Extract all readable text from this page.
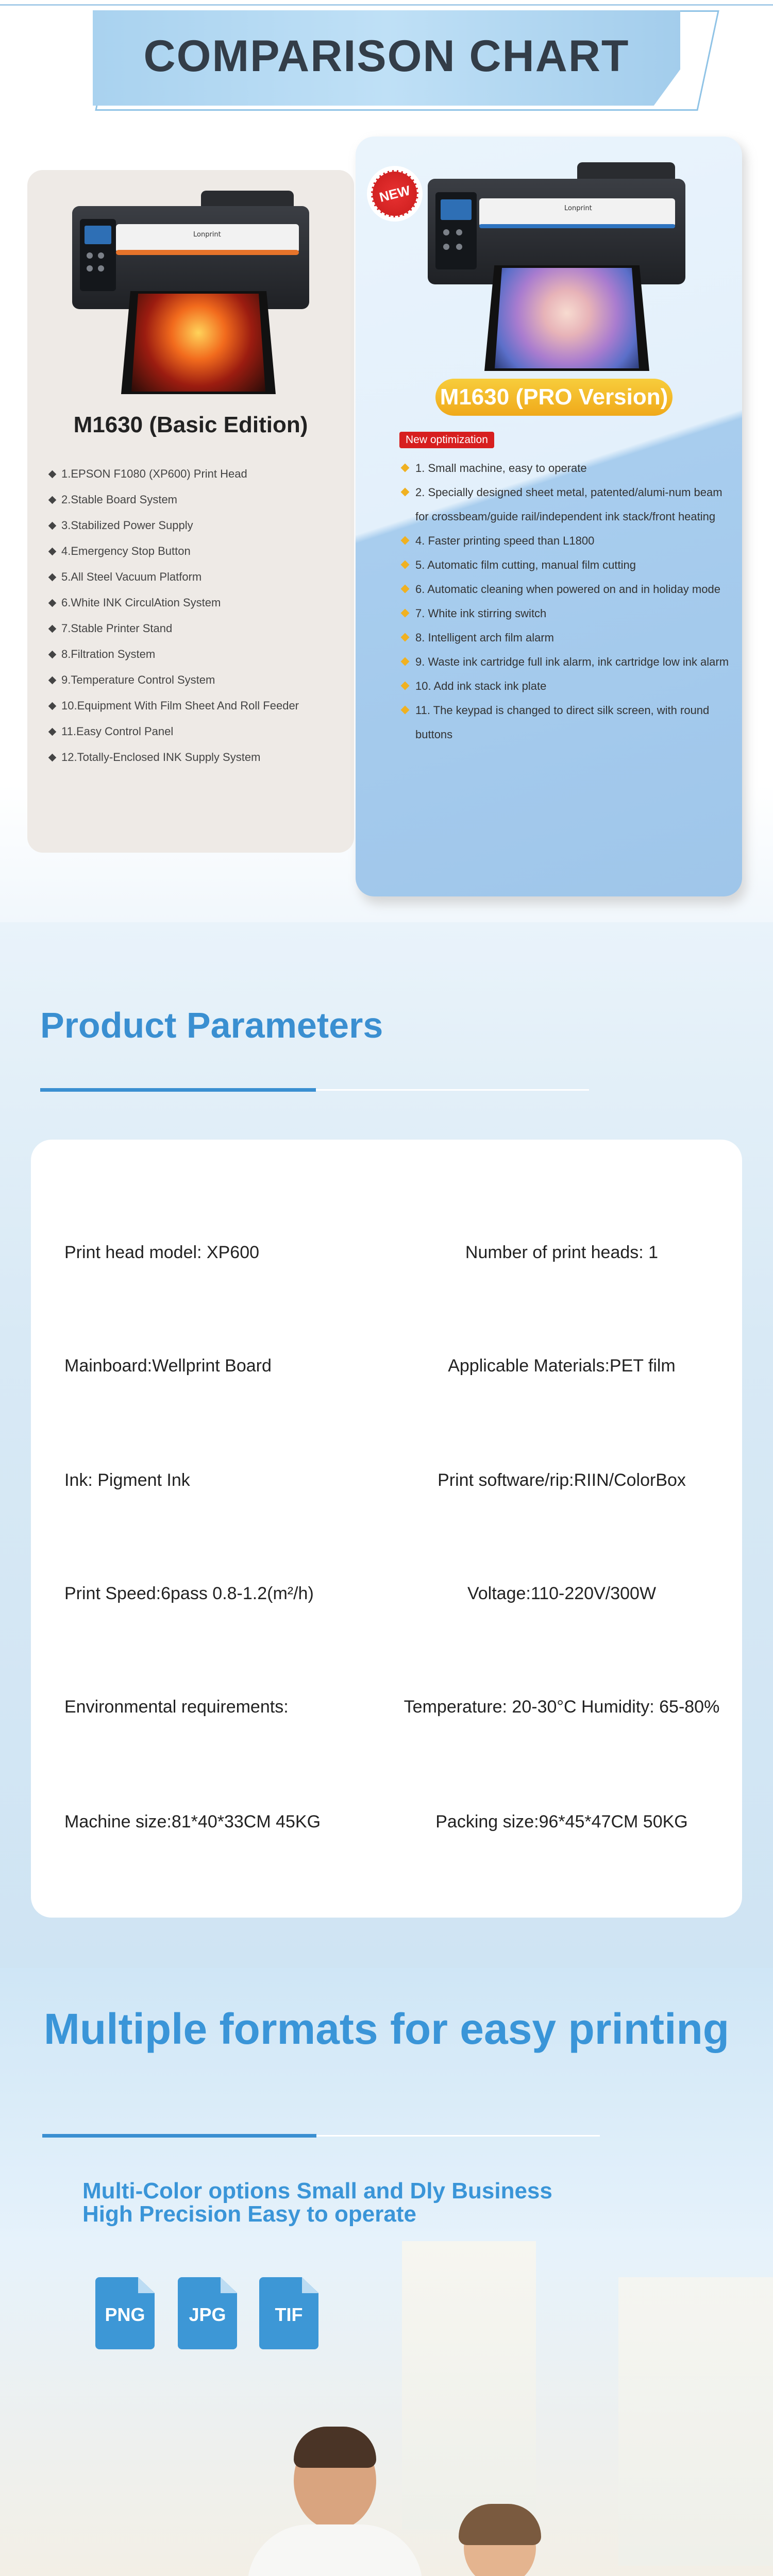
COMPARISON CHART
Lonprint
M1630 (Basic Edition)
1.EPSON F1080 (XP600) Print Head
2.Stable Board System
3.Stabilized Power Supply
4.Emergency Stop Button
5.All Steel Vacuum Platform
6.White INK CirculAtion System
7.Stable Printer Stand
8.Filtration System
9.Temperature Control System
10.Equipment With Film Sheet And Roll Feeder
11.Easy Control Panel
12.Totally-Enclosed INK Supply System
NEW
Lonprint
M1630 (PRO Version)
New optimization
1. Small machine, easy to operate
2. Specially designed sheet metal, patented/alumi-num beam for crossbeam/guide rail/independent ink stack/front heating
4. Faster printing speed than L1800
5. Automatic film cutting, manual film cutting
6. Automatic cleaning when powered on and in holiday mode
7. White ink stirring switch
8. Intelligent arch film alarm
9. Waste ink cartridge full ink alarm, ink cartridge low ink alarm
10. Add ink stack ink plate
11. The keypad is changed to direct silk screen, with round buttons
Product Parameters
Print head model: XP600	Number of print heads: 1
Mainboard:Wellprint Board	Applicable Materials:PET film
Ink: Pigment Ink	Print software/rip:RIIN/ColorBox
Print Speed:6pass 0.8-1.2(m²/h)	Voltage:110-220V/300W
Environmental requirements:	Temperature: 20-30°C Humidity: 65-80%
Machine size:81*40*33CM 45KG	Packing size:96*45*47CM 50KG
Multiple formats for easy printing
Multi-Color options Small and Dly Business
High Precision Easy to operate
PNG	JPG	TIF
